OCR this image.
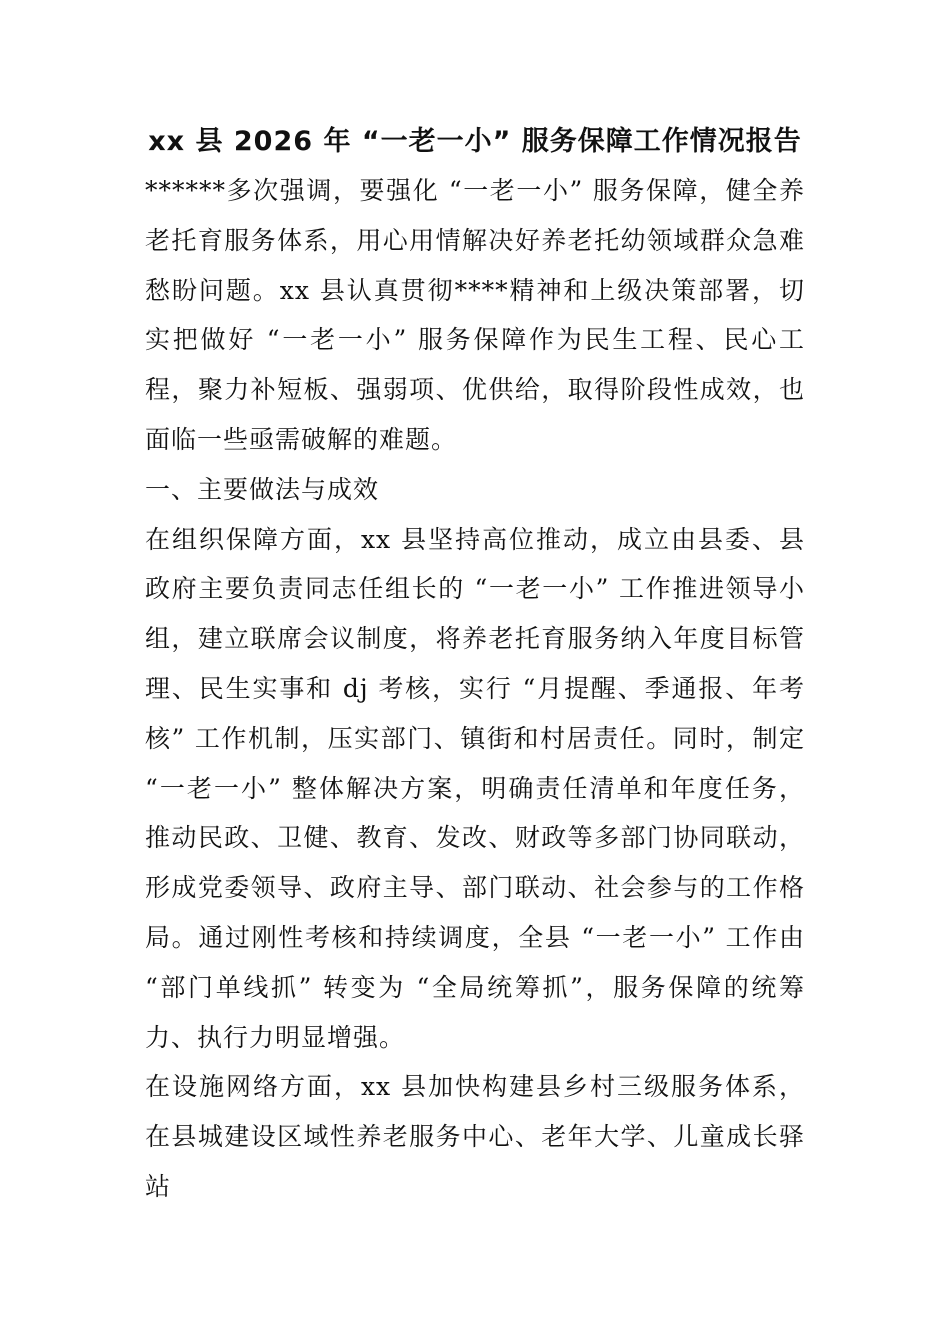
xx 县 2026 年 “一老一小” 服务保障工作情况报告

******多次强调，要强化 “一老一小” 服务保障，健全养老托育服务体系，用心用情解决好养老托幼领域群众急难愁盼问题。xx 县认真贯彻****精神和上级决策部署，切实把做好 “一老一小” 服务保障作为民生工程、民心工程，聚力补短板、强弱项、优供给，取得阶段性成效，也面临一些亟需破解的难题。

一、主要做法与成效

在组织保障方面，xx 县坚持高位推动，成立由县委、县政府主要负责同志任组长的 “一老一小” 工作推进领导小组，建立联席会议制度，将养老托育服务纳入年度目标管理、民生实事和 dj 考核，实行 “月提醒、季通报、年考核” 工作机制，压实部门、镇街和村居责任。同时，制定 “一老一小” 整体解决方案，明确责任清单和年度任务，推动民政、卫健、教育、发改、财政等多部门协同联动，形成党委领导、政府主导、部门联动、社会参与的工作格局。通过刚性考核和持续调度，全县 “一老一小” 工作由 “部门单线抓” 转变为 “全局统筹抓”，服务保障的统筹力、执行力明显增强。

在设施网络方面，xx 县加快构建县乡村三级服务体系，在县城建设区域性养老服务中心、老年大学、儿童成长驿站
